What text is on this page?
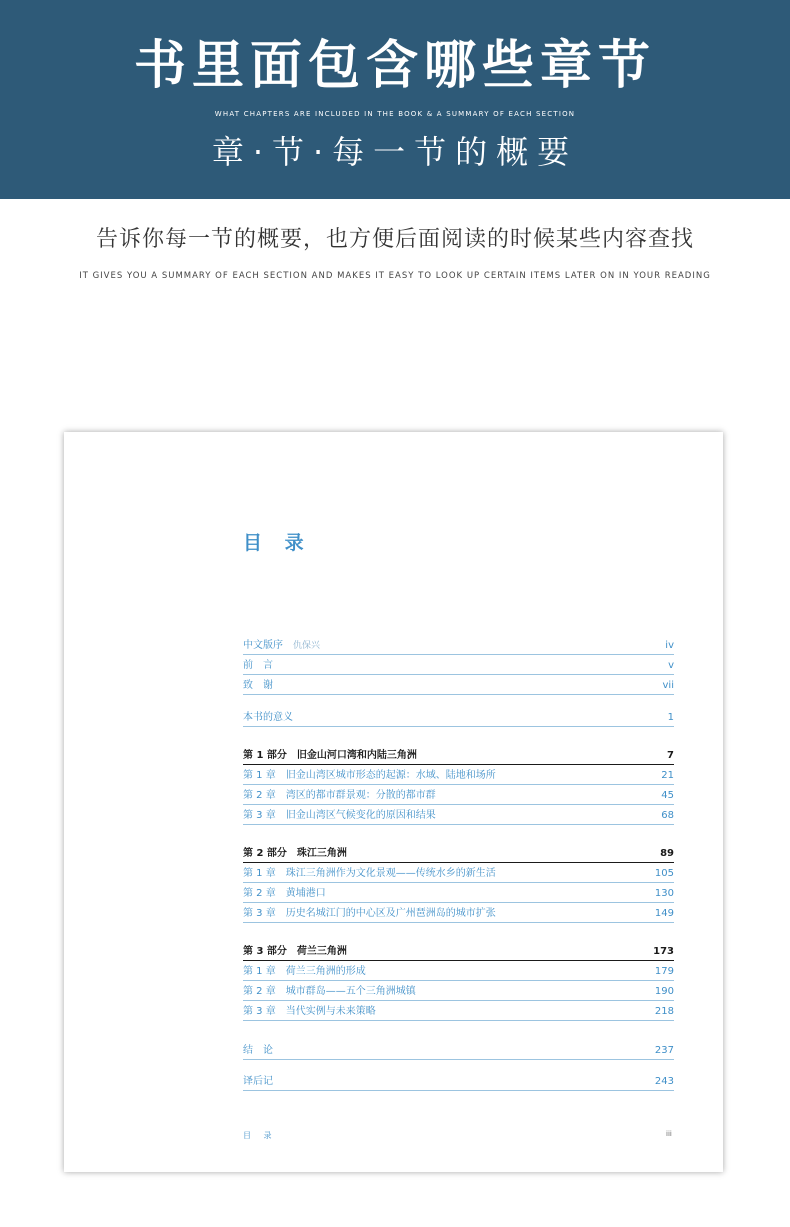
书里面包含哪些章节
WHAT CHAPTERS ARE INCLUDED IN THE BOOK & A SUMMARY OF EACH SECTION
章·节·每一节的概要
告诉你每一节的概要，也方便后面阅读的时候某些内容查找
IT GIVES YOU A SUMMARY OF EACH SECTION AND MAKES IT EASY TO LOOK UP CERTAIN ITEMS LATER ON IN YOUR READING
目 录
中文版序 仇保兴	iv
前　言	v
致　谢	vii
本书的意义	1
第 1 部分　旧金山河口湾和内陆三角洲	7
第 1 章　旧金山湾区城市形态的起源：水域、陆地和场所	21
第 2 章　湾区的都市群景观：分散的都市群	45
第 3 章　旧金山湾区气候变化的原因和结果	68
第 2 部分　珠江三角洲	89
第 1 章　珠江三角洲作为文化景观——传统水乡的新生活	105
第 2 章　黄埔港口	130
第 3 章　历史名城江门的中心区及广州琶洲岛的城市扩张	149
第 3 部分　荷兰三角洲	173
第 1 章　荷兰三角洲的形成	179
第 2 章　城市群岛——五个三角洲城镇	190
第 3 章　当代实例与未来策略	218
结　论	237
译后记	243
目 录	iii
